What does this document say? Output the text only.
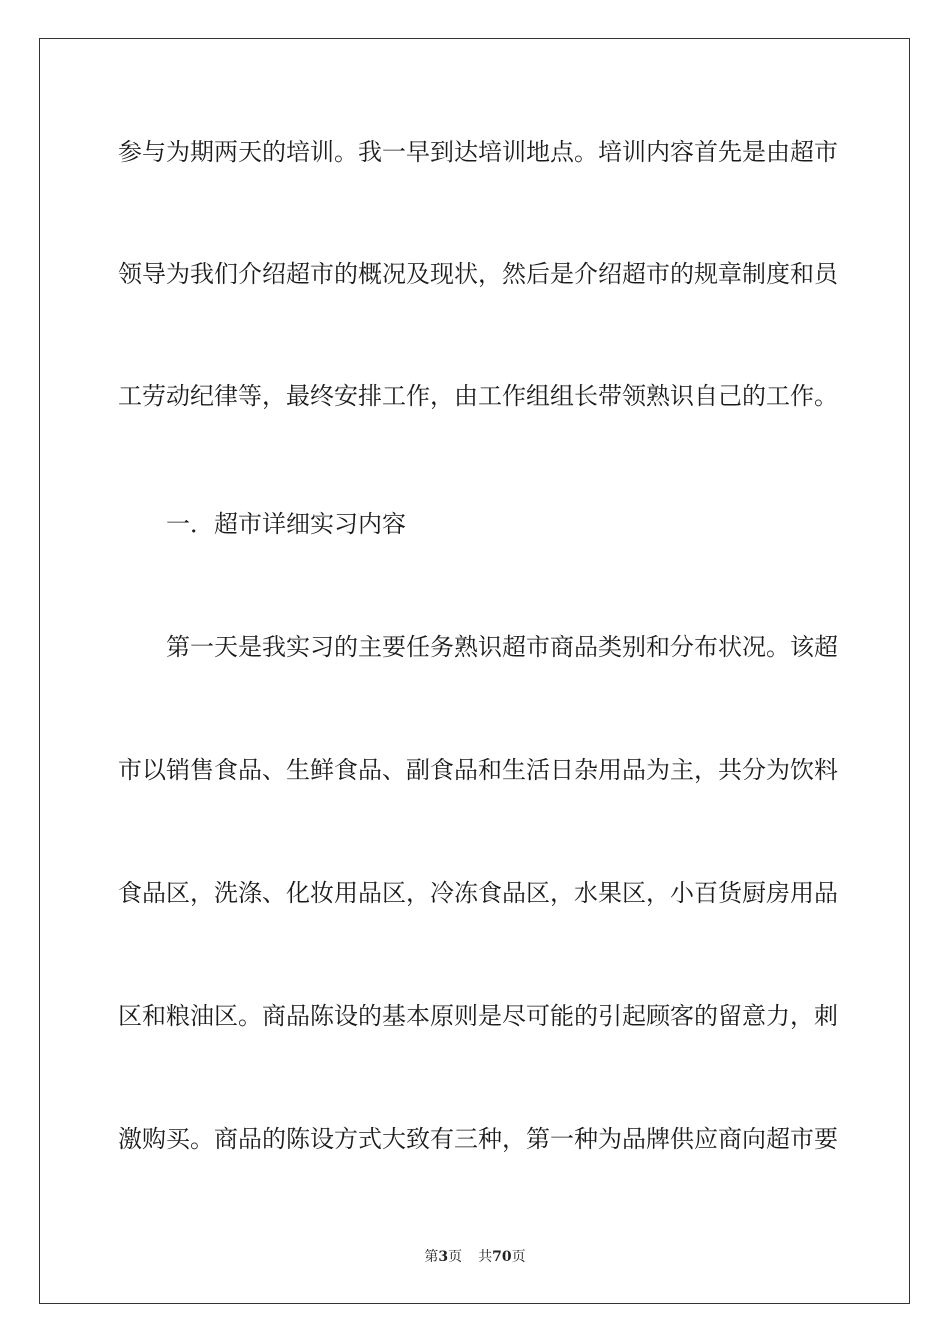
参与为期两天的培训。我一早到达培训地点。培训内容首先是由超市
领导为我们介绍超市的概况及现状，然后是介绍超市的规章制度和员
工劳动纪律等，最终安排工作，由工作组组长带领熟识自己的工作。
一．超市详细实习内容
第一天是我实习的主要任务熟识超市商品类别和分布状况。该超
市以销售食品、生鲜食品、副食品和生活日杂用品为主，共分为饮料
食品区，洗涤、化妆用品区，冷冻食品区，水果区，小百货厨房用品
区和粮油区。商品陈设的基本原则是尽可能的引起顾客的留意力，刺
激购买。商品的陈设方式大致有三种，第一种为品牌供应商向超市要
第3页 共70页
